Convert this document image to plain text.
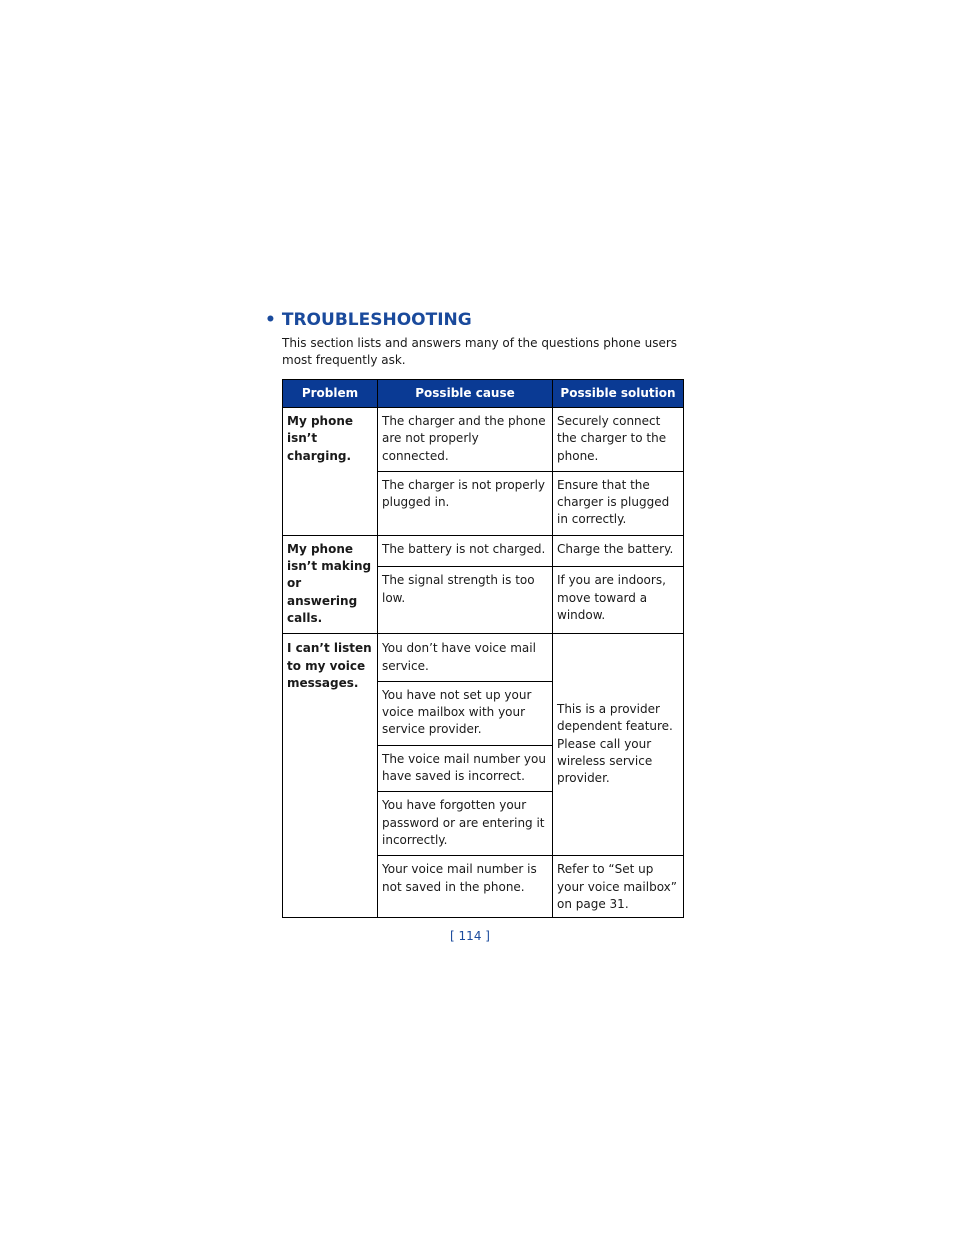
• TROUBLESHOOTING
This section lists and answers many of the questions phone users most frequently ask.
Problem	Possible cause	Possible solution
My phone isn’t charging.	The charger and the phone are not properly connected.	Securely connect the charger to the phone.
	The charger is not properly plugged in.	Ensure that the charger is plugged in correctly.
My phone isn’t making or answering calls.	The battery is not charged.	Charge the battery.
	The signal strength is too low.	If you are indoors, move toward a window.
I can’t listen to my voice messages.	You don’t have voice mail service.	This is a provider dependent feature. Please call your wireless service provider.
	You have not set up your voice mailbox with your service provider.	
	The voice mail number you have saved is incorrect.	
	You have forgotten your password or are entering it incorrectly.	
	Your voice mail number is not saved in the phone.	Refer to “Set up your voice mailbox” on page 31.
[ 114 ]
